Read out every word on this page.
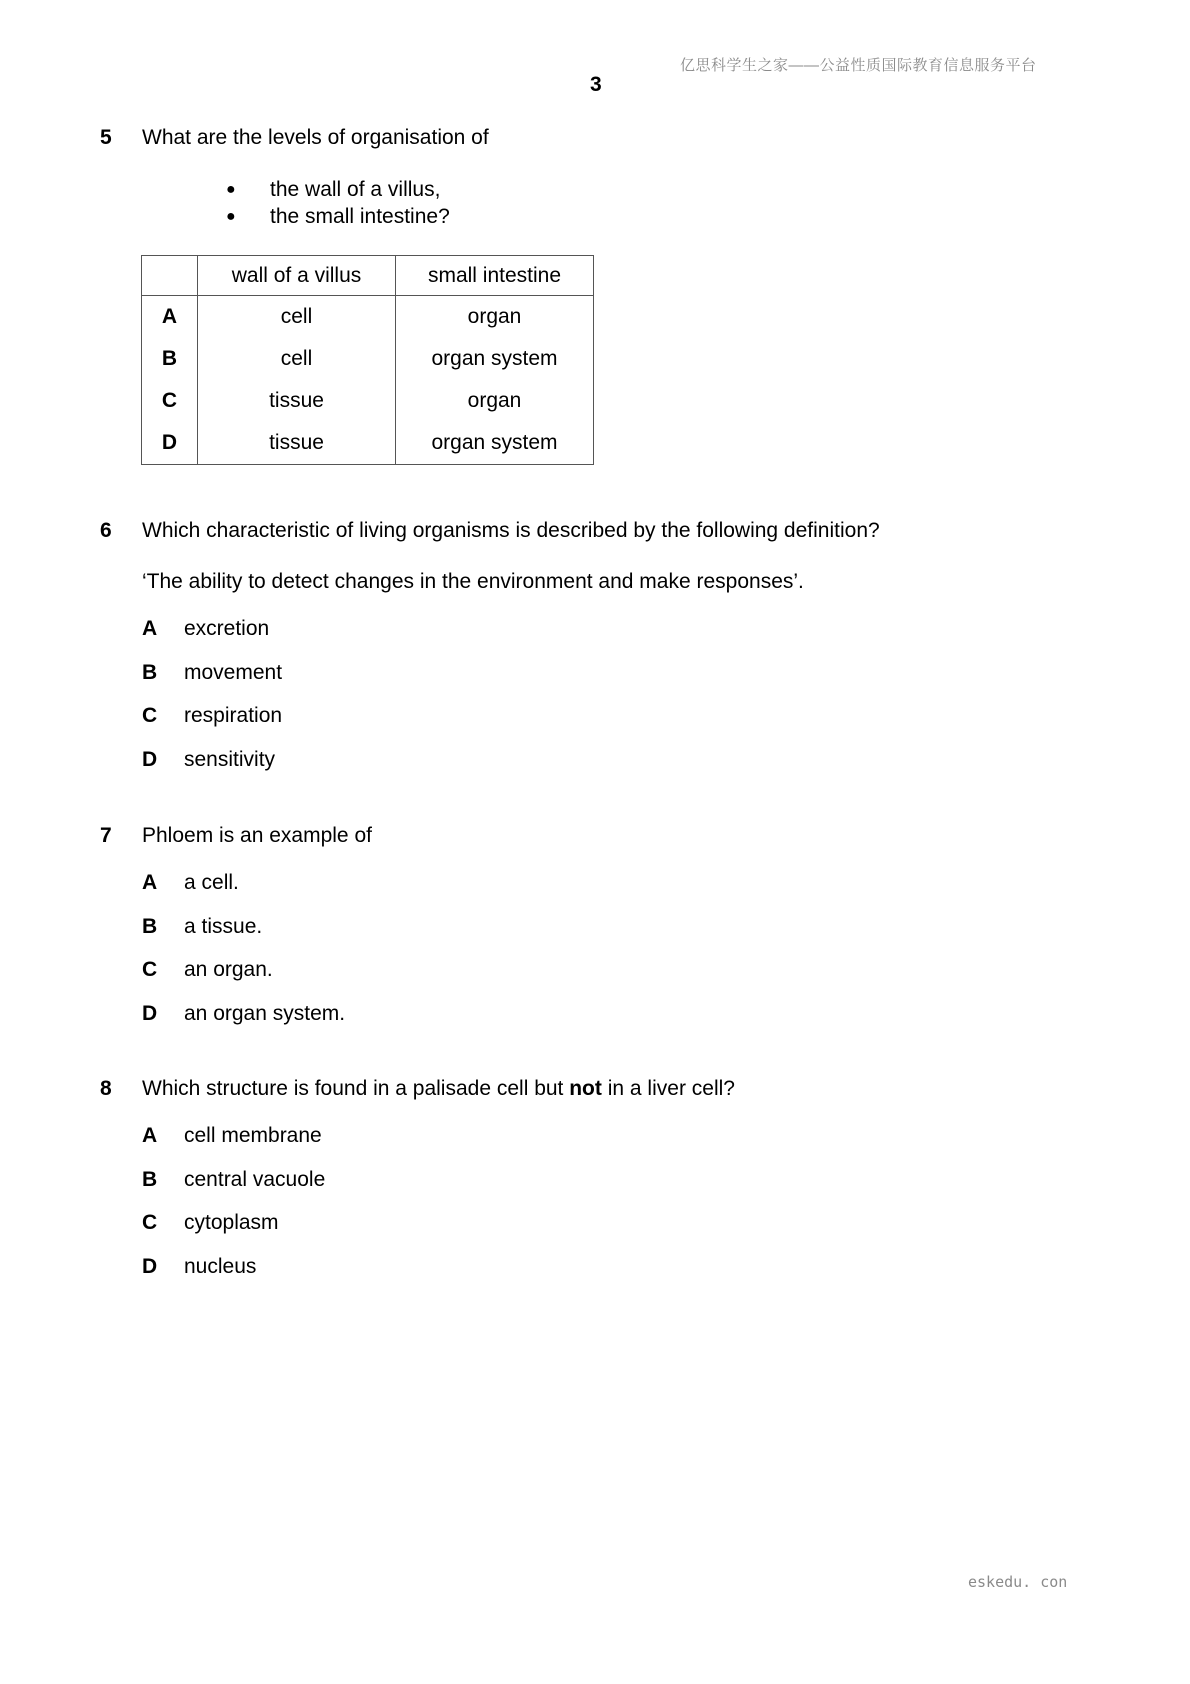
亿思科学生之家——公益性质国际教育信息服务平台
3
5 What are the levels of organisation of
● the wall of a villus,
● the small intestine?
	wall of a villus	small intestine
A	cell	organ
B	cell	organ system
C	tissue	organ
D	tissue	organ system
6 Which characteristic of living organisms is described by the following definition?
‘The ability to detect changes in the environment and make responses’.
A excretion
B movement
C respiration
D sensitivity
7 Phloem is an example of
A a cell.
B a tissue.
C an organ.
D an organ system.
8 Which structure is found in a palisade cell but not in a liver cell?
A cell membrane
B central vacuole
C cytoplasm
D nucleus
eskedu. con
